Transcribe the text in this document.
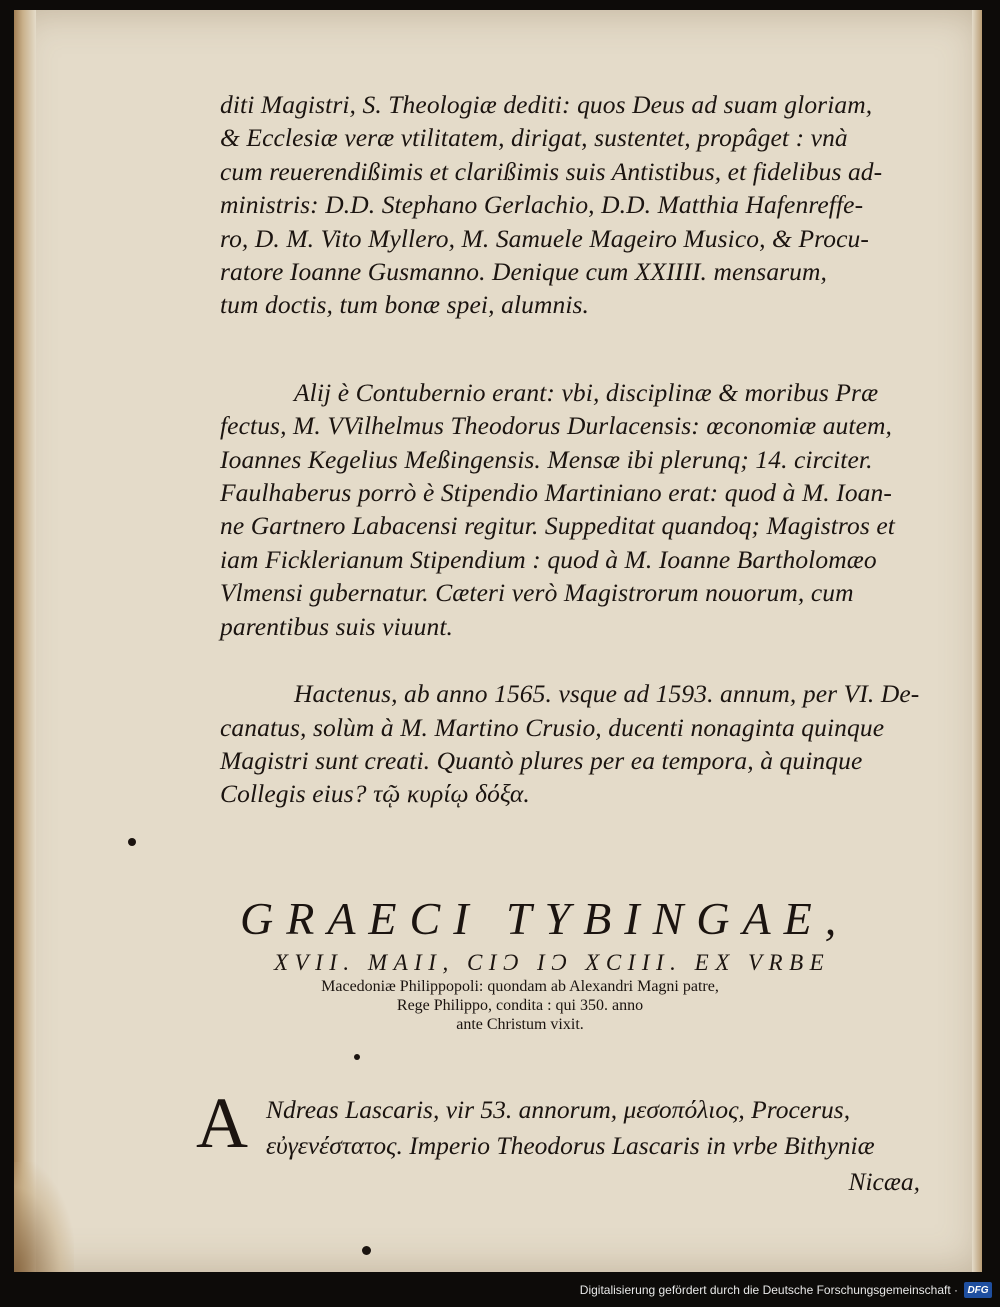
diti Magistri, S. Theologiæ dediti: quos Deus ad suam gloriam,
& Ecclesiæ veræ vtilitatem, dirigat, sustentet, propâget : vnà
cum reuerendißimis et clarißimis suis Antistibus, et fidelibus ad-
ministris: D.D. Stephano Gerlachio, D.D. Matthia Hafenreffe-
ro, D. M. Vito Myllero, M. Samuele Mageiro Musico, & Procu-
ratore Ioanne Gusmanno. Denique cum XXIIII. mensarum,
tum doctis, tum bonæ spei, alumnis.

Alij è Contubernio erant: vbi, disciplinæ & moribus Præ
fectus, M. VVilhelmus Theodorus Durlacensis: œconomiæ autem,
Ioannes Kegelius Meßingensis. Mensæ ibi plerunq; 14. circiter.
Faulhaberus porrò è Stipendio Martiniano erat: quod à M. Ioan-
ne Gartnero Labacensi regitur. Suppeditat quandoq; Magistros et
iam Ficklerianum Stipendium : quod à M. Ioanne Bartholomæo
Vlmensi gubernatur. Cæteri verò Magistrorum nouorum, cum
parentibus suis viuunt.

Hactenus, ab anno 1565. vsque ad 1593. annum, per VI. De-
canatus, solùm à M. Martino Crusio, ducenti nonaginta quinque
Magistri sunt creati. Quantò plures per ea tempora, à quinque
Collegis eius? τῷ κυρίῳ δόξα.

GRAECI TYBINGAE,
XVII. MAII, CIƆ IƆ XCIII. EX VRBE
Macedoniæ Philippopoli: quondam ab Alexandri Magni patre,
Rege Philippo, condita : qui 350. anno
ante Christum vixit.
A Ndreas Lascaris, vir 53. annorum, μεσοπόλιος, Procerus,
εὐγενέστατος. Imperio Theodorus Lascaris in vrbe Bithyniæ
Nicæa,
Digitalisierung gefördert durch die Deutsche Forschungsgemeinschaft · DFG
